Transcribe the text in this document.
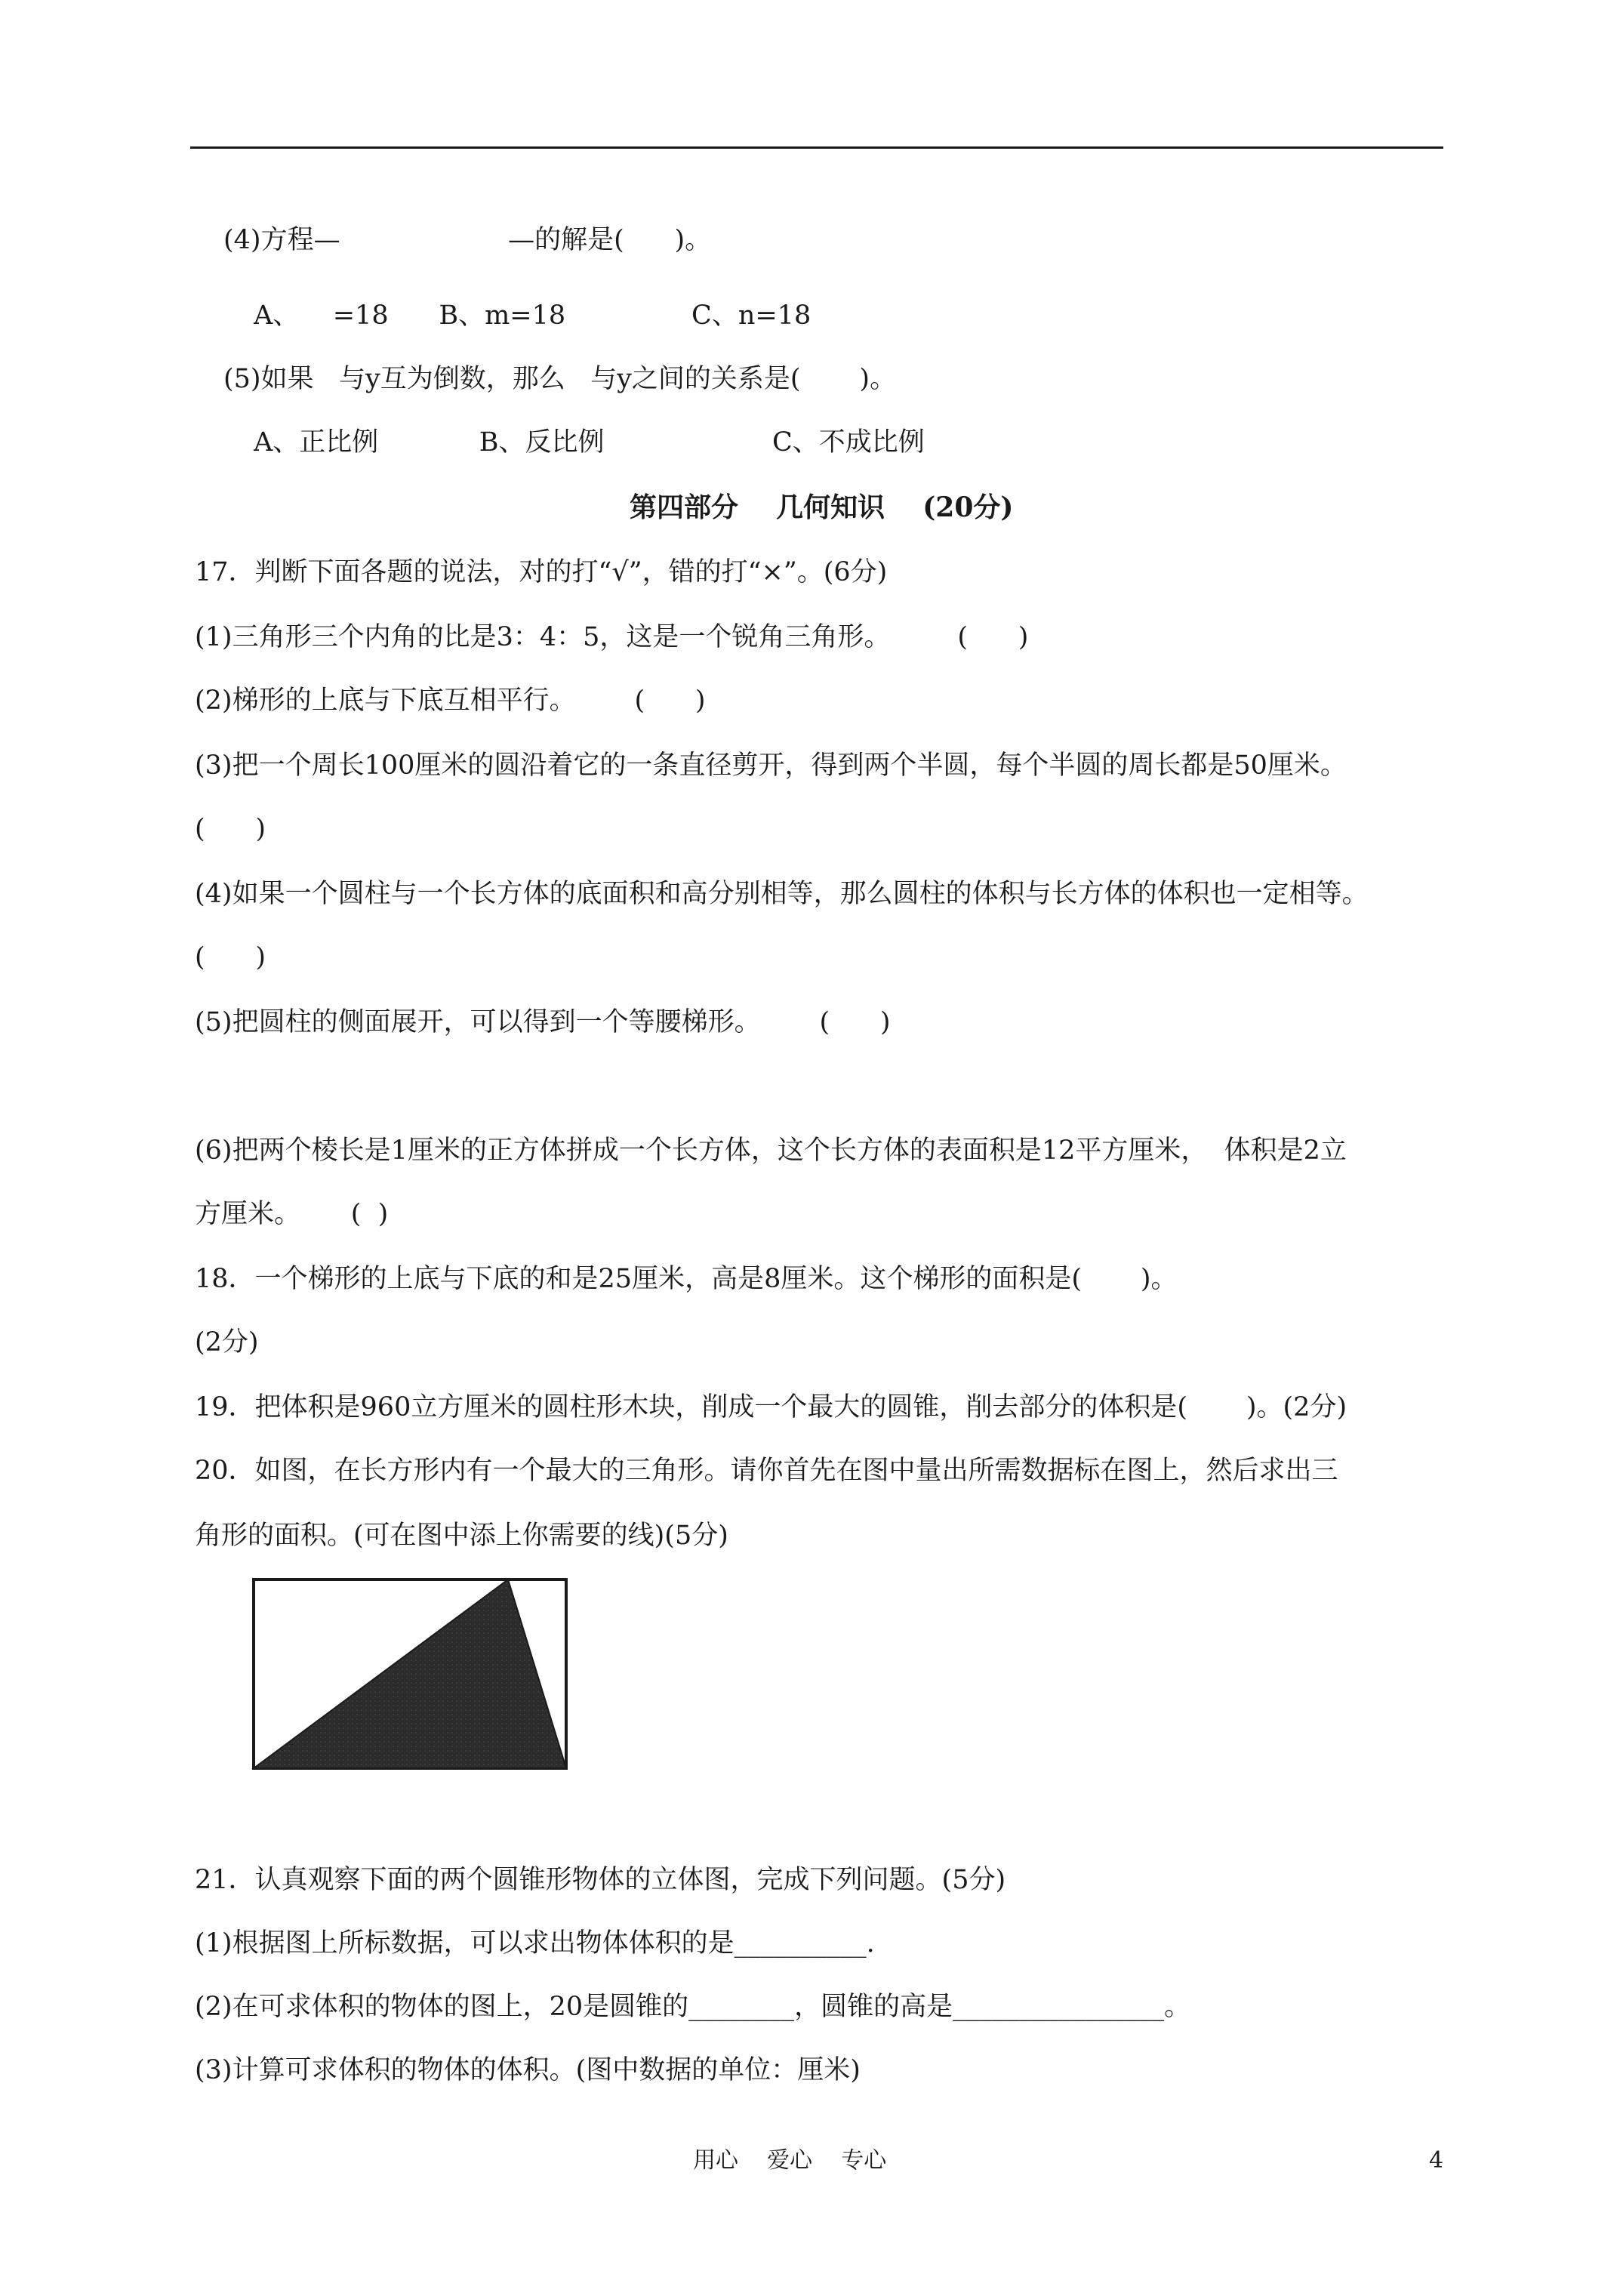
(4)方程—                    —的解是(      )。
A、    =18      B、m=18               C、n=18
(5)如果   与y互为倒数，那么   与y之间的关系是(       )。
A、正比例            B、反比例                    C、不成比例
第四部分    几何知识    (20分)
17．判断下面各题的说法，对的打“√”，错的打“×”。(6分)
(1)三角形三个内角的比是3：4：5，这是一个锐角三角形。        (      )
(2)梯形的上底与下底互相平行。       (      )
(3)把一个周长100厘米的圆沿着它的一条直径剪开，得到两个半圆，每个半圆的周长都是50厘米。
(      )
(4)如果一个圆柱与一个长方体的底面积和高分别相等，那么圆柱的体积与长方体的体积也一定相等。
(      )
(5)把圆柱的侧面展开，可以得到一个等腰梯形。       (      )
(6)把两个棱长是1厘米的正方体拼成一个长方体，这个长方体的表面积是12平方厘米，  体积是2立
方厘米。      (  )
18．一个梯形的上底与下底的和是25厘米，高是8厘米。这个梯形的面积是(       )。
(2分)
19．把体积是960立方厘米的圆柱形木块，削成一个最大的圆锥，削去部分的体积是(       )。(2分)
20．如图，在长方形内有一个最大的三角形。请你首先在图中量出所需数据标在图上，然后求出三
角形的面积。(可在图中添上你需要的线)(5分)
21．认真观察下面的两个圆锥形物体的立体图，完成下列问题。(5分)
(1)根据图上所标数据，可以求出物体体积的是__________.
(2)在可求体积的物体的图上，20是圆锥的________，圆锥的高是________________。
(3)计算可求体积的物体的体积。(图中数据的单位：厘米)
用心    爱心    专心	4
